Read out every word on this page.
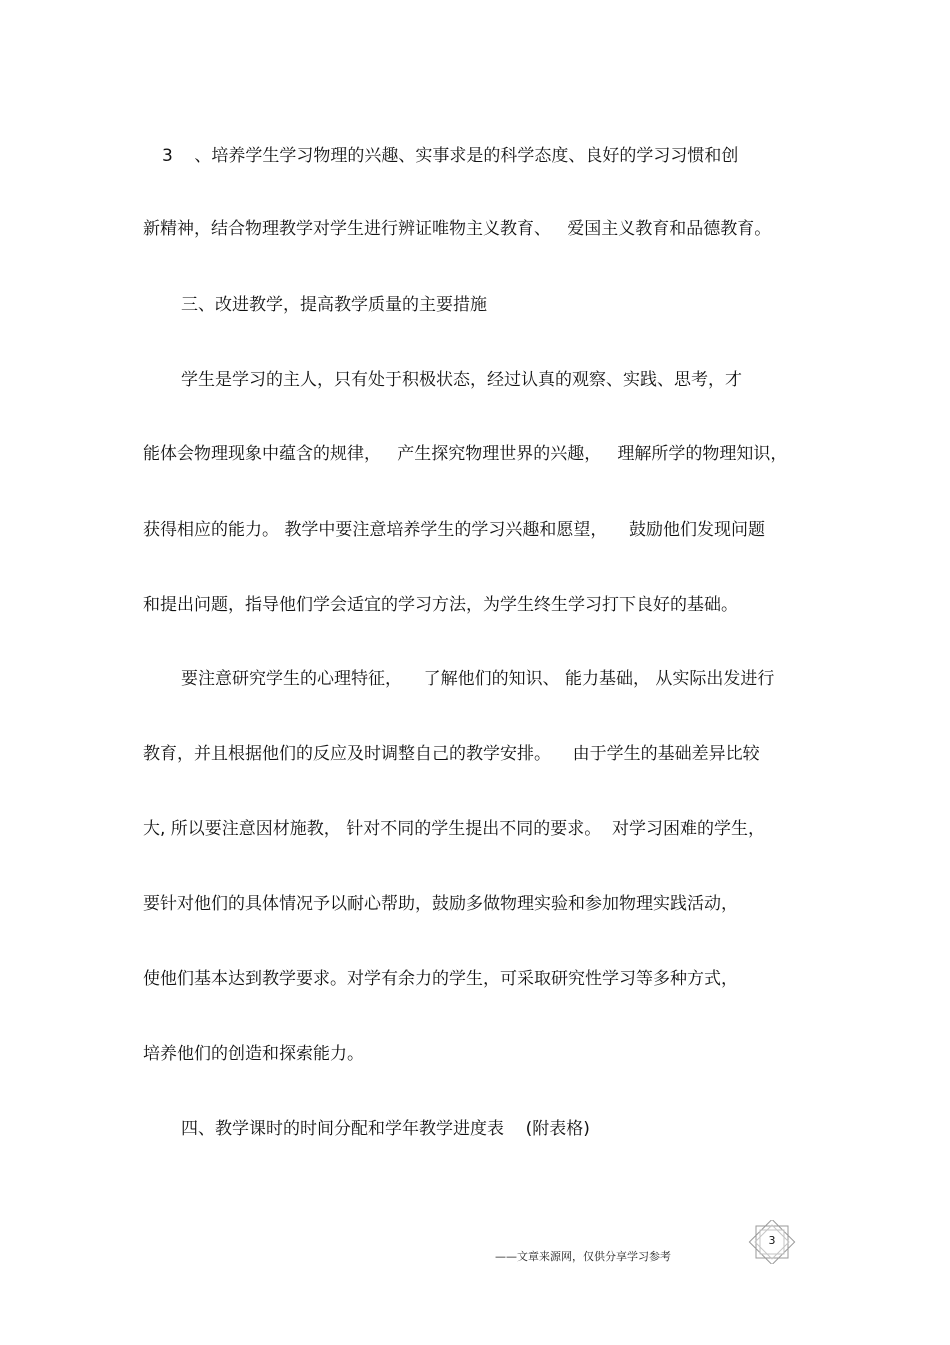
3    、培养学生学习物理的兴趣、实事求是的科学态度、良好的学习习惯和创
新精神，结合物理教学对学生进行辨证唯物主义教育、   爱国主义教育和品德教育。
三、改进教学，提高教学质量的主要措施
学生是学习的主人，只有处于积极状态，经过认真的观察、实践、思考，才
能体会物理现象中蕴含的规律，   产生探究物理世界的兴趣，   理解所学的物理知识，
获得相应的能力。 教学中要注意培养学生的学习兴趣和愿望，    鼓励他们发现问题
和提出问题，指导他们学会适宜的学习方法，为学生终生学习打下良好的基础。
要注意研究学生的心理特征，    了解他们的知识、 能力基础， 从实际出发进行
教育，并且根据他们的反应及时调整自己的教学安排。    由于学生的基础差异比较
大, 所以要注意因材施教， 针对不同的学生提出不同的要求。  对学习困难的学生，
要针对他们的具体情况予以耐心帮助，鼓励多做物理实验和参加物理实践活动，
使他们基本达到教学要求。对学有余力的学生，可采取研究性学习等多种方式，
培养他们的创造和探索能力。
四、教学课时的时间分配和学年教学进度表    (附表格)
——文章来源网，仅供分享学习参考
3
